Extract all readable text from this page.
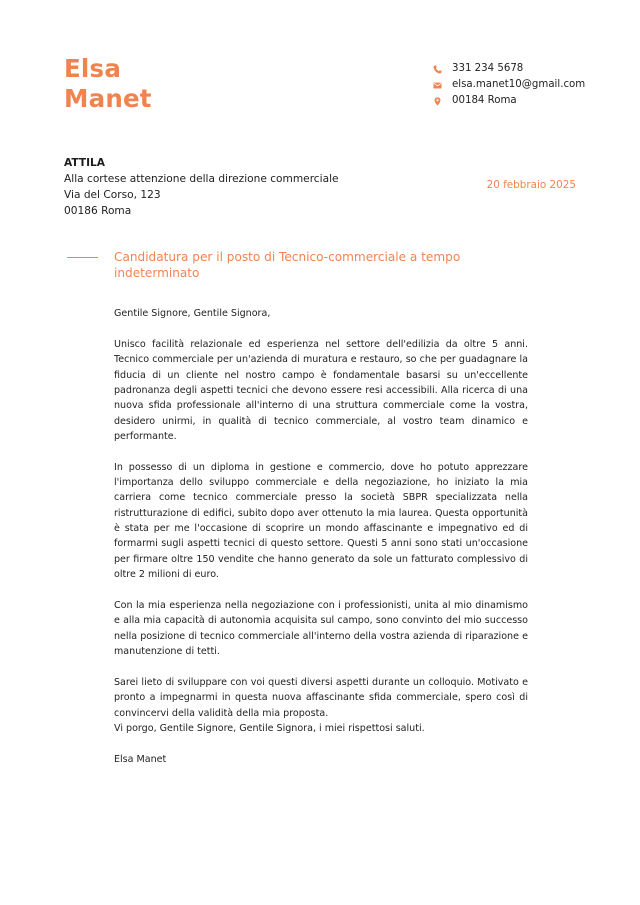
Elsa
Manet
331 234 5678
elsa.manet10@gmail.com
00184 Roma
ATTILA
Alla cortese attenzione della direzione commerciale
Via del Corso, 123
00186 Roma
20 febbraio 2025
Candidatura per il posto di Tecnico-commerciale a tempo indeterminato

Gentile Signore, Gentile Signora,

Unisco facilità relazionale ed esperienza nel settore dell'edilizia da oltre 5 anni. Tecnico commerciale per un'azienda di muratura e restauro, so che per guadagnare la fiducia di un cliente nel nostro campo è fondamentale basarsi su un'eccellente padronanza degli aspetti tecnici che devono essere resi accessibili. Alla ricerca di una nuova sfida professionale all'interno di una struttura commerciale come la vostra, desidero unirmi, in qualità di tecnico commerciale, al vostro team dinamico e performante.

In possesso di un diploma in gestione e commercio, dove ho potuto apprezzare l'importanza dello sviluppo commerciale e della negoziazione, ho iniziato la mia carriera come tecnico commerciale presso la società SBPR specializzata nella ristrutturazione di edifici, subito dopo aver ottenuto la mia laurea. Questa opportunità è stata per me l'occasione di scoprire un mondo affascinante e impegnativo ed di formarmi sugli aspetti tecnici di questo settore. Questi 5 anni sono stati un'occasione per firmare oltre 150 vendite che hanno generato da sole un fatturato complessivo di oltre 2 milioni di euro.

Con la mia esperienza nella negoziazione con i professionisti, unita al mio dinamismo e alla mia capacità di autonomia acquisita sul campo, sono convinto del mio successo nella posizione di tecnico commerciale all'interno della vostra azienda di riparazione e manutenzione di tetti.

Sarei lieto di sviluppare con voi questi diversi aspetti durante un colloquio. Motivato e pronto a impegnarmi in questa nuova affascinante sfida commerciale, spero così di convincervi della validità della mia proposta.

Vi porgo, Gentile Signore, Gentile Signora, i miei rispettosi saluti.

Elsa Manet
